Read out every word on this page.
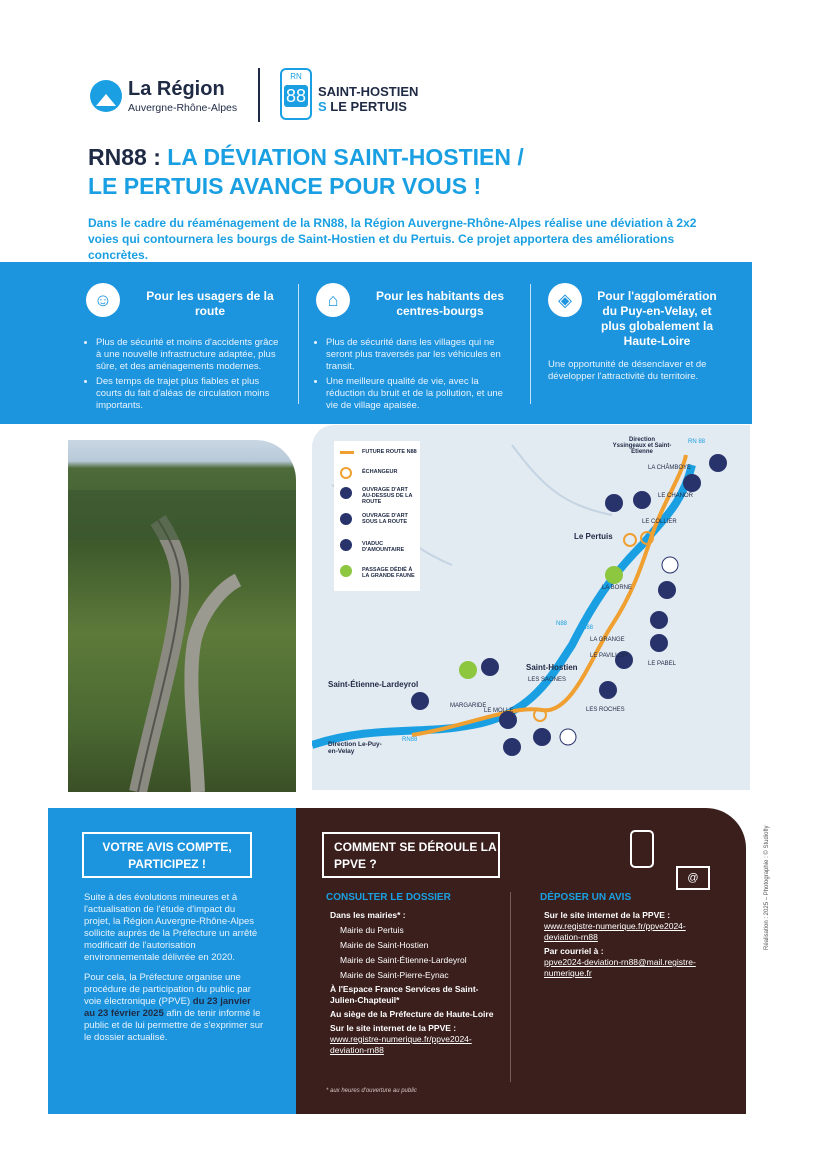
La Région
Auvergne-Rhône-Alpes
RN
88 SAINT-HOSTIEN
S LE PERTUIS
RN88 : LA DÉVIATION SAINT-HOSTIEN /
LE PERTUIS AVANCE POUR VOUS !
Dans le cadre du réaménagement de la RN88, la Région Auvergne-Rhône-Alpes réalise une déviation à 2x2 voies qui contournera les bourgs de Saint-Hostien et du Pertuis. Ce projet apportera des améliorations concrètes.
☺	Pour les usagers de la route
• Plus de sécurité et moins d'accidents grâce à une nouvelle infrastructure adaptée, plus sûre, et des aménagements modernes.
• Des temps de trajet plus fiables et plus courts du fait d'aléas de circulation moins importants.
⌂	Pour les habitants des centres-bourgs
• Plus de sécurité dans les villages qui ne seront plus traversés par les véhicules en transit.
• Une meilleure qualité de vie, avec la réduction du bruit et de la pollution, et une vie de village apaisée.
◈	Pour l'agglomération du Puy-en-Velay, et plus globalement la Haute-Loire
Une opportunité de désenclaver et de développer l'attractivité du territoire.
FUTURE ROUTE N88
ÉCHANGEUR
OUVRAGE D'ART AU-DESSUS DE LA ROUTE
OUVRAGE D'ART SOUS LA ROUTE
VIADUC D'AMOUNTAIRE
PASSAGE DÉDIÉ À LA GRANDE FAUNE
Direction Yssingeaux et Saint-Étienne
Le Pertuis
Saint-Hostien
Saint-Étienne-Lardeyrol
Direction Le-Puy-en-Velay
LA CHÂMBOYE
LE CHANOR
LE COLLIER
LA BORNE
LA GRANGE
LE PAVILLON
LE PABEL
LES SAGNES
LES ROCHES
MARGARIDE
LE MOLLE
RN 88
N88
N88
RN88
VOTRE AVIS COMPTE, PARTICIPEZ !

Suite à des évolutions mineures et à l'actualisation de l'étude d'impact du projet, la Région Auvergne-Rhône-Alpes sollicite auprès de la Préfecture un arrêté modificatif de l'autorisation environnementale délivrée en 2020.

Pour cela, la Préfecture organise une procédure de participation du public par voie électronique (PPVE) du 23 janvier au 23 février 2025 afin de tenir informé le public et de lui permettre de s'exprimer sur le dossier actualisé.

COMMENT SE DÉROULE LA PPVE ?
@
CONSULTER LE DOSSIER
Dans les mairies* :
Mairie du Pertuis
Mairie de Saint-Hostien
Mairie de Saint-Étienne-Lardeyrol
Mairie de Saint-Pierre-Eynac
À l'Espace France Services de Saint-Julien-Chapteuil*
Au siège de la Préfecture de Haute-Loire
Sur le site internet de la PPVE :
www.registre-numerique.fr/ppve2024-deviation-rn88
* aux heures d'ouverture au public
DÉPOSER UN AVIS
Sur le site internet de la PPVE :
www.registre-numerique.fr/ppve2024-deviation-rn88
Par courriel à :
ppve2024-deviation-rn88@mail.registre-numerique.fr
Réalisation : 2025 – Photographie : © Studiofly
